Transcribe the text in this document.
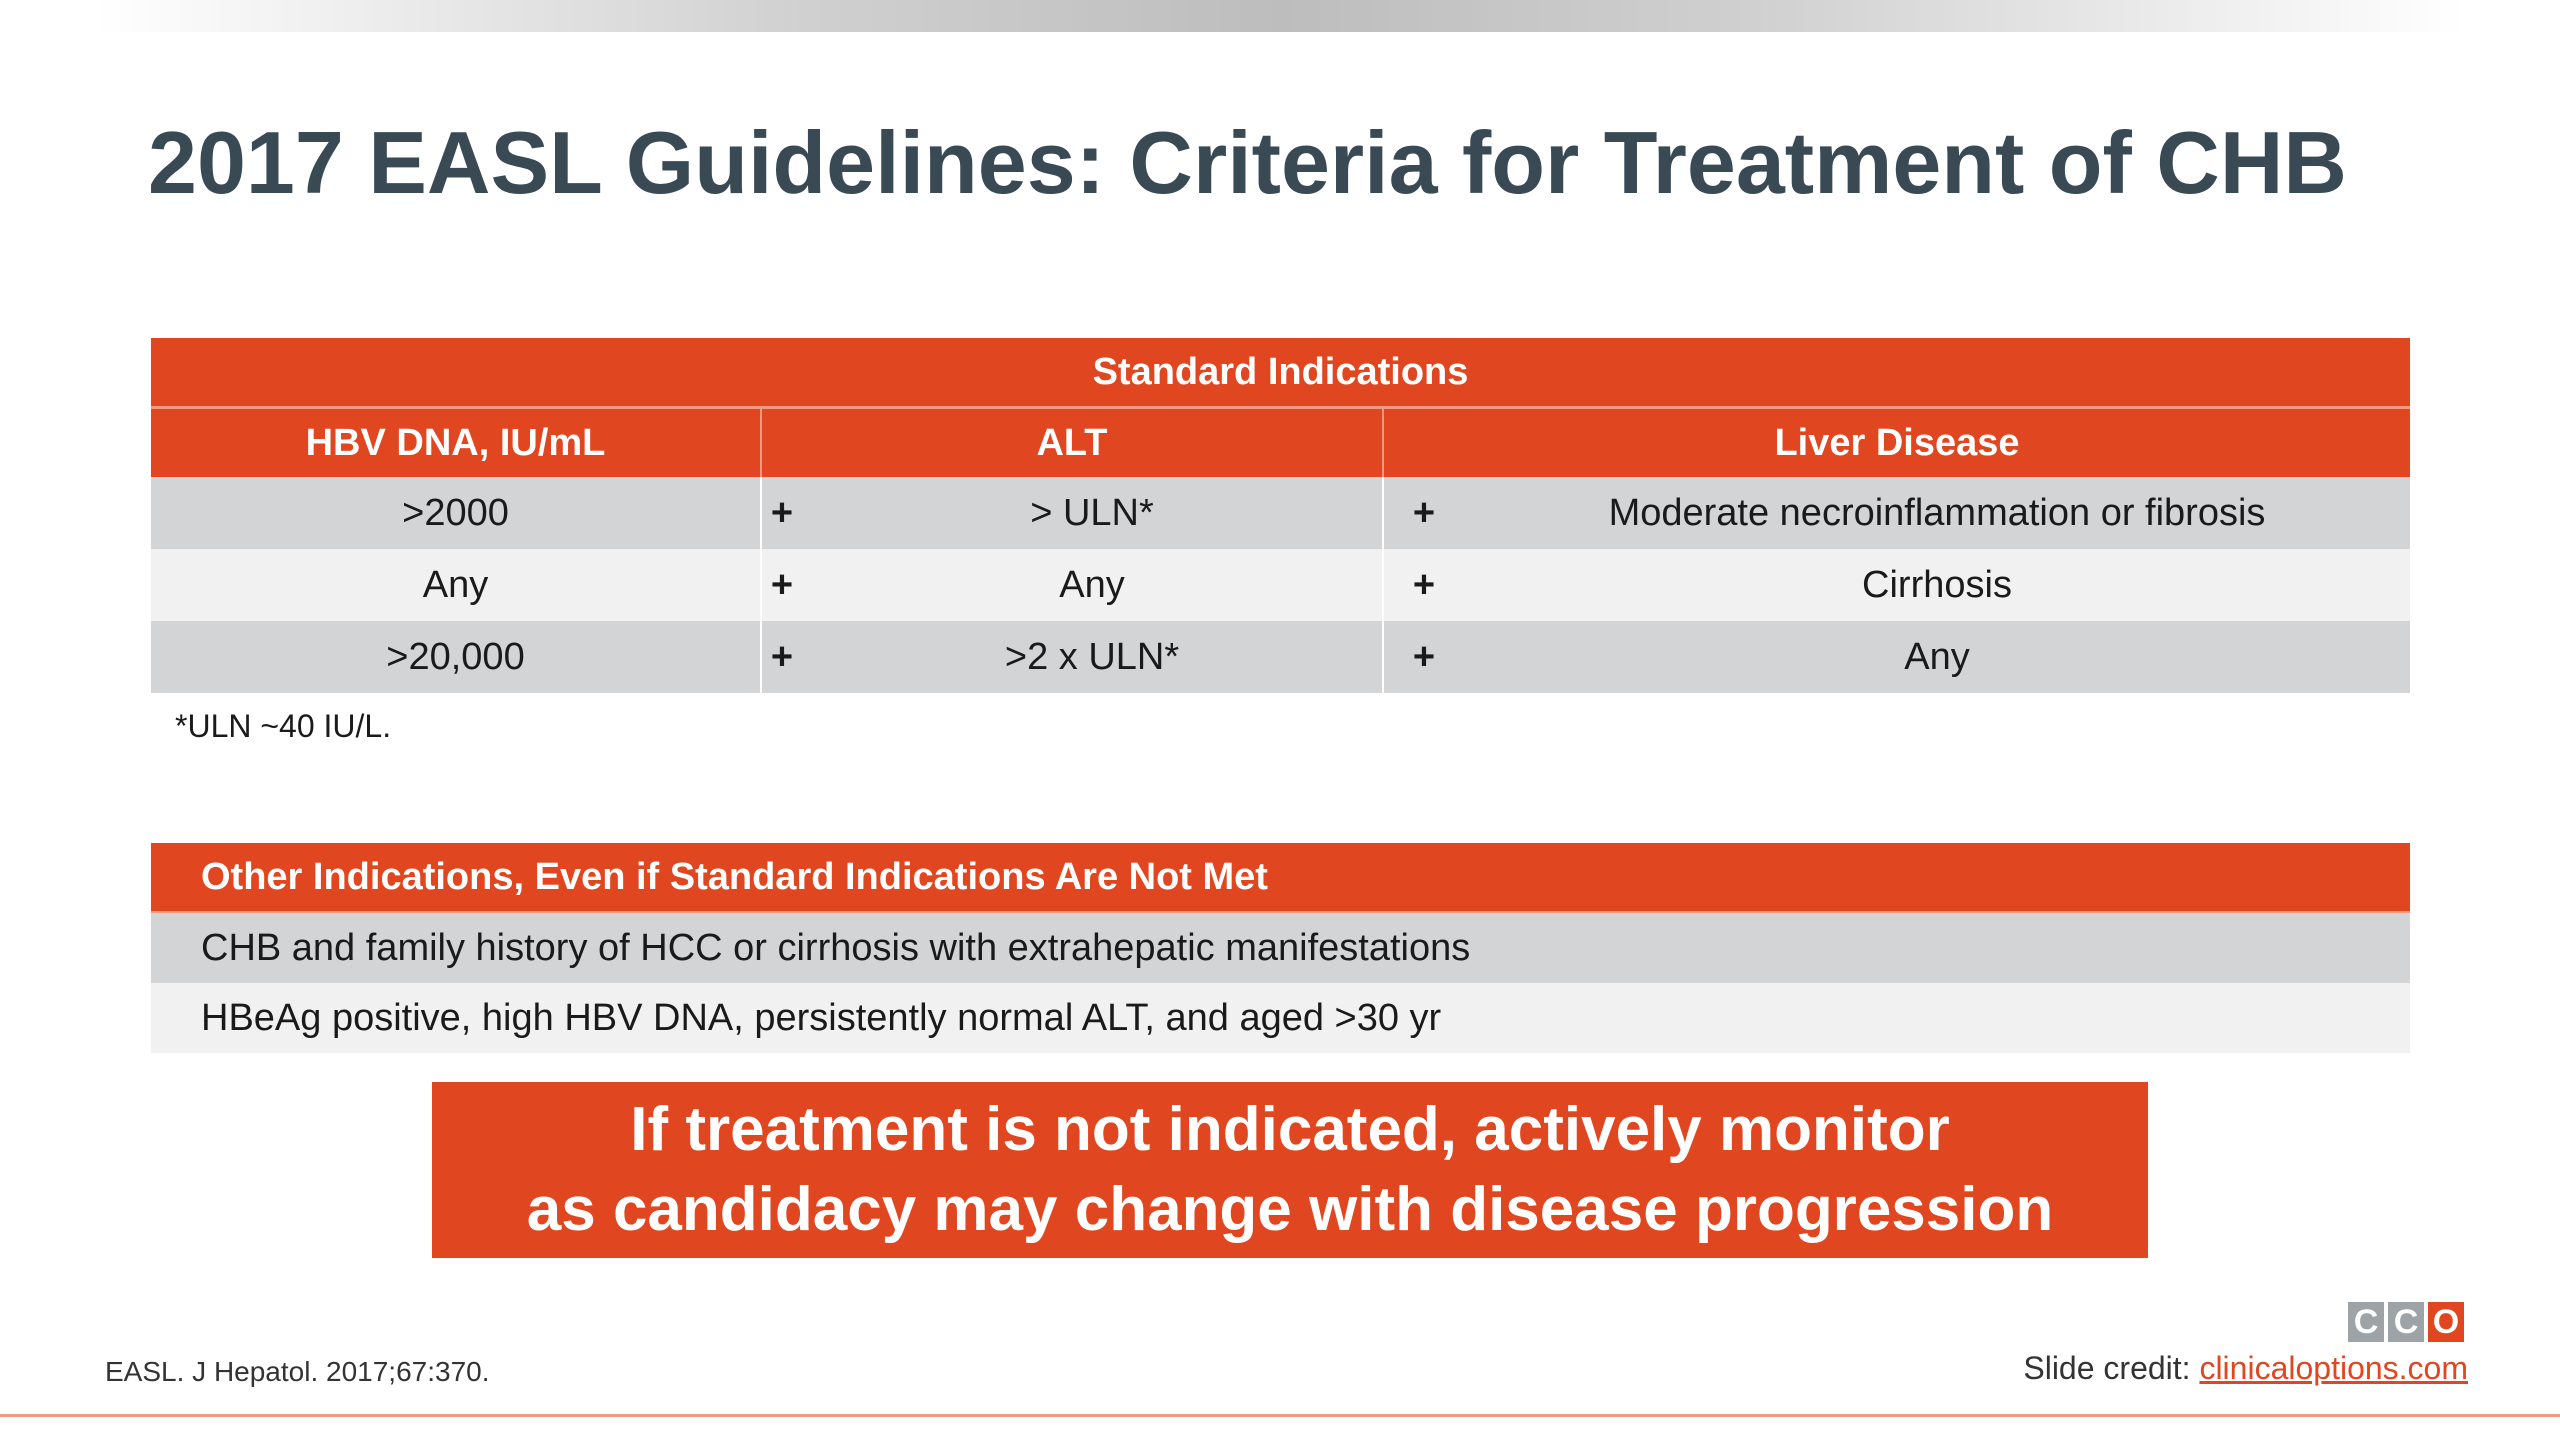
2017 EASL Guidelines: Criteria for Treatment of CHB
Standard Indications
HBV DNA, IU/mL	ALT	Liver Disease
>2000	+	> ULN*	+	Moderate necroinflammation or fibrosis
Any	+	Any	+	Cirrhosis
>20,000	+	>2 x ULN*	+	Any
*ULN ~40 IU/L.
Other Indications, Even if Standard Indications Are Not Met
CHB and family history of HCC or cirrhosis with extrahepatic manifestations
HBeAg positive, high HBV DNA, persistently normal ALT, and aged >30 yr
If treatment is not indicated, actively monitor
as candidacy may change with disease progression
EASL. J Hepatol. 2017;67:370.
C C O
Slide credit: clinicaloptions.com
